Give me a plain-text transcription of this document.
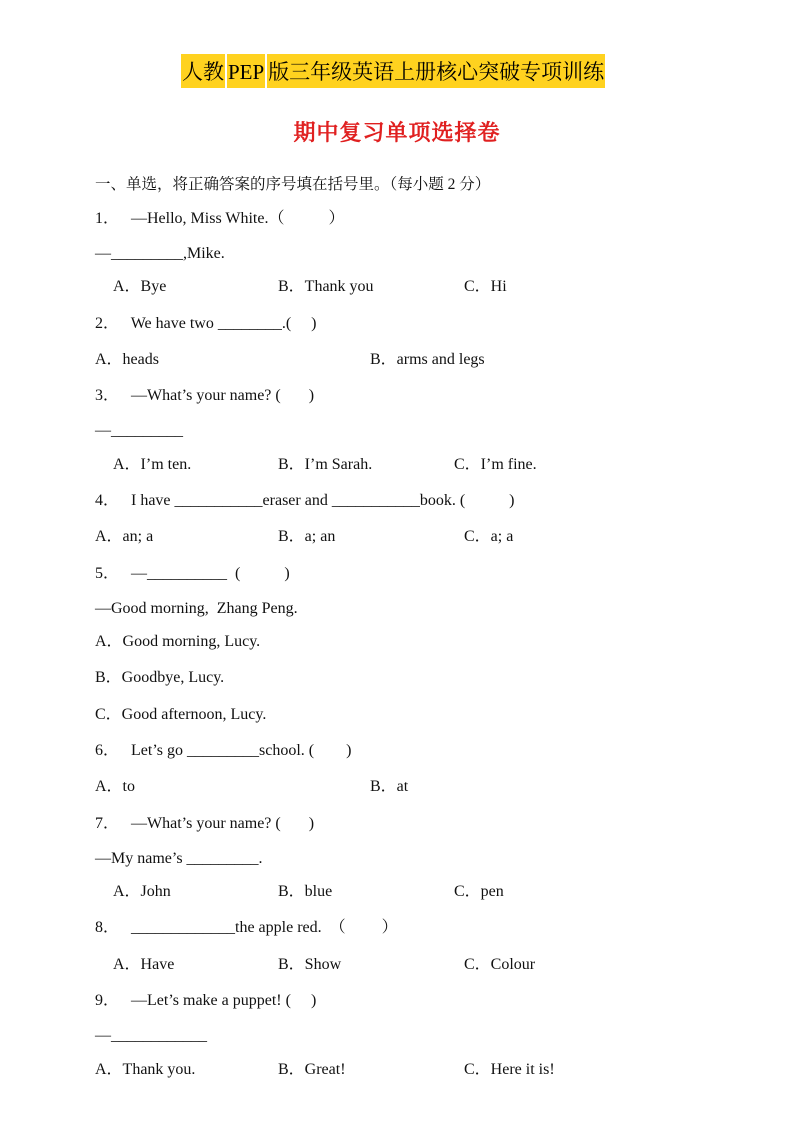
人教 PEP 版三年级英语上册核心突破专项训练
期中复习单项选择卷
一、单选，将正确答案的序号填在括号里。（每小题 2 分）
1．   —Hello, Miss White.（           ）
—_________,Mike.
A．Bye	B．Thank you	C．Hi
2．   We have two ________.(     )
A．heads	B．arms and legs
3．   —What’s your name? (       )
—_________
A．I’m ten.	B．I’m Sarah.	C．I’m fine.
4．   I have ___________eraser and ___________book. (           )
A．an; a	B．a; an	C．a; a
5．   —__________  (           )
—Good morning,  Zhang Peng.
A．Good morning, Lucy.
B．Goodbye, Lucy.
C．Good afternoon, Lucy.
6．   Let’s go _________school. (        )
A．to	B．at
7．   —What’s your name? (       )
—My name’s _________.
A．John	B．blue	C．pen
8．   _____________the apple red.  （         ）
A．Have	B．Show	C．Colour
9．   —Let’s make a puppet! (     )
—____________
A．Thank you.	B．Great!	C．Here it is!
